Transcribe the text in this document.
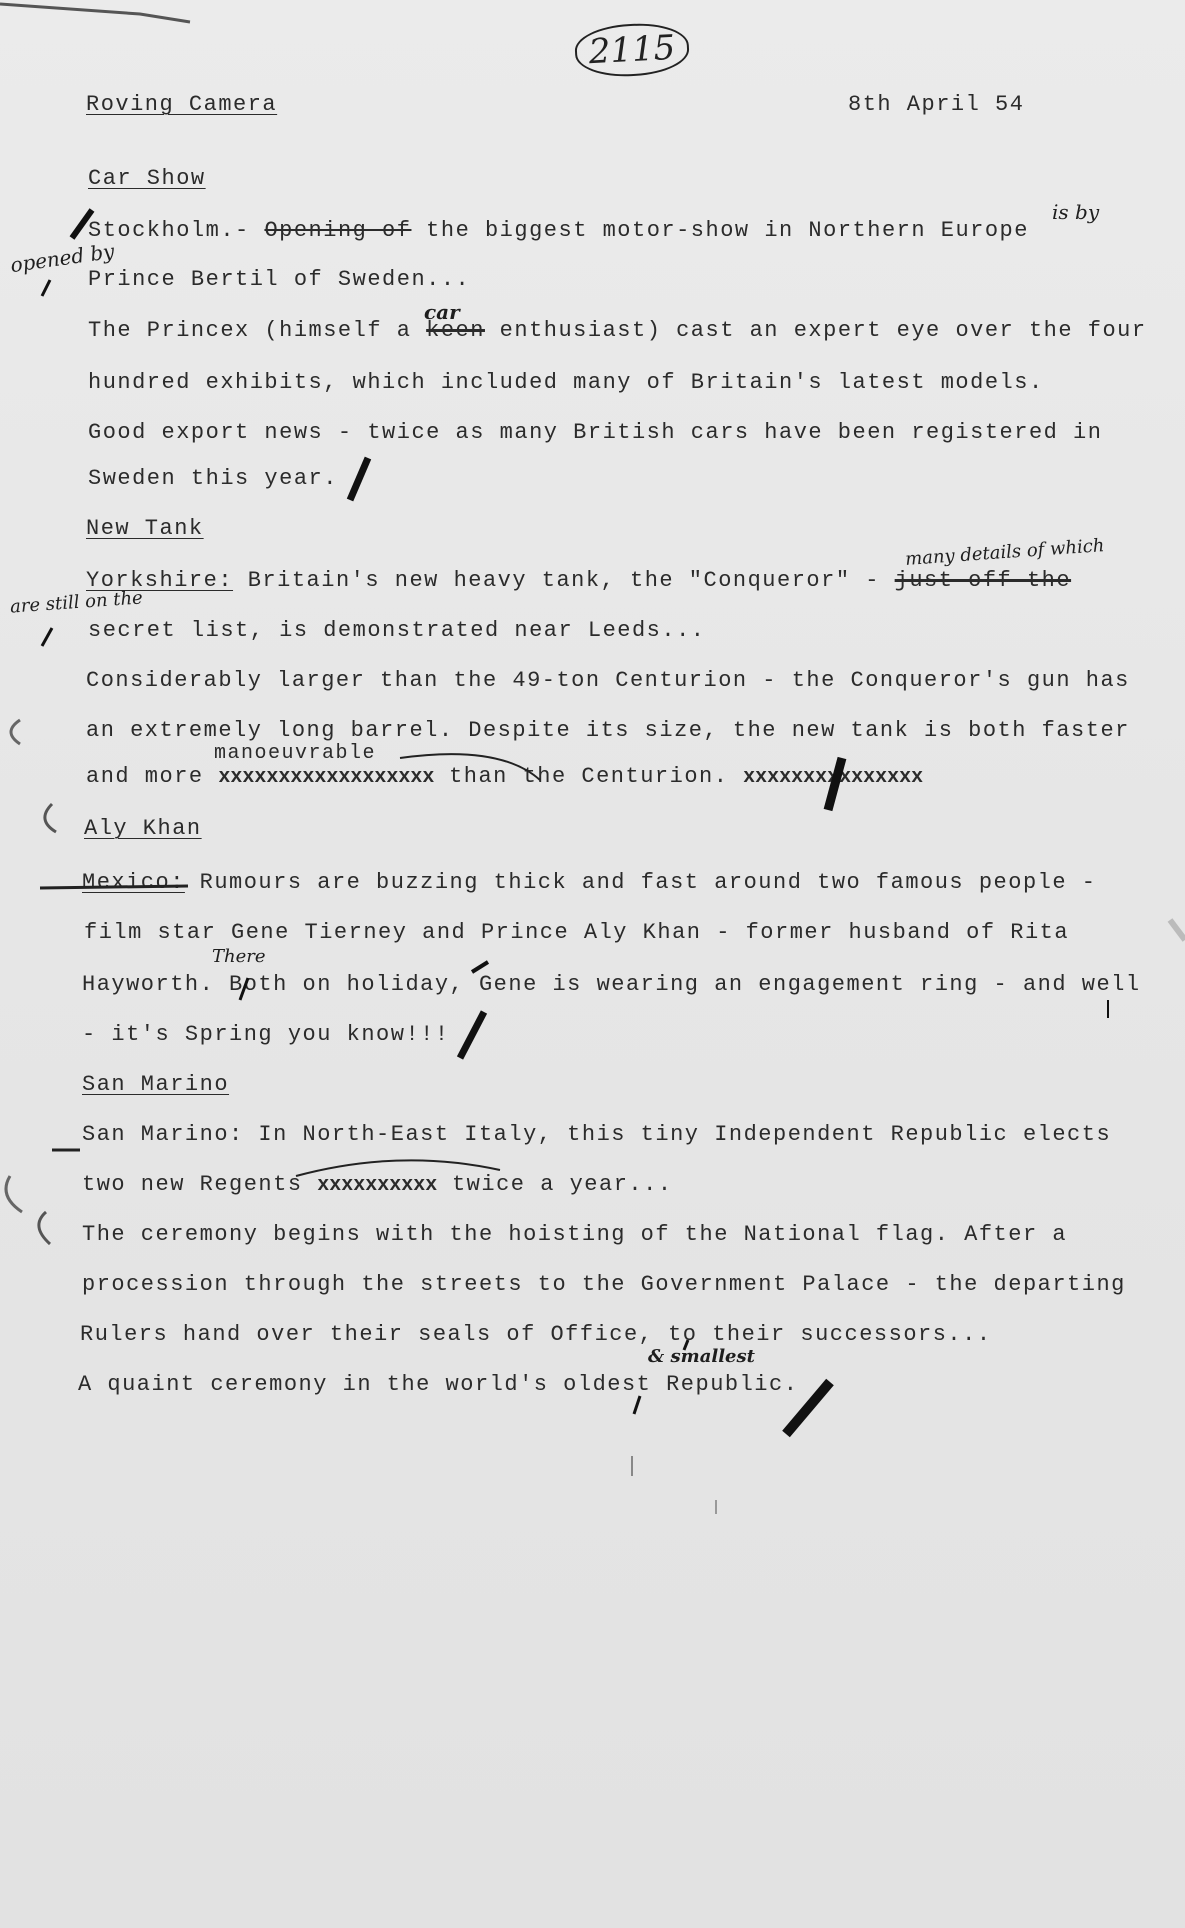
2115
Roving Camera	8th April 54
Car Show
Stockholm.- Opening of the biggest motor-show in Northern Europe
is by
opened by
Prince Bertil of Sweden...
The Princex (himself a keen enthusiast) cast an expert eye over the four
car
hundred exhibits, which included many of Britain's latest models.
Good export news - twice as many British cars have been registered in
Sweden this year.
New Tank
Yorkshire: Britain's new heavy tank, the "Conqueror" - just off the
many details of which
are still on the
secret list, is demonstrated near Leeds...
Considerably larger than the 49-ton Centurion - the Conqueror's gun has
an extremely long barrel. Despite its size, the new tank is both faster
manoeuvrable
and more xxxxxxxxxxxxxxxxxx than the Centurion. xxxxxxxxxxxxxxx
Aly Khan
Mexico: Rumours are buzzing thick and fast around two famous people -
film star Gene Tierney and Prince Aly Khan - former husband of Rita
There
Hayworth. Both on holiday, Gene is wearing an engagement ring - and well
- it's Spring you know!!!
San Marino
San Marino: In North-East Italy, this tiny Independent Republic elects
two new Regents xxxxxxxxxx twice a year...
The ceremony begins with the hoisting of the National flag. After a
procession through the streets to the Government Palace - the departing
Rulers hand over their seals of Office, to their successors...
& smallest
A quaint ceremony in the world's oldest Republic.
